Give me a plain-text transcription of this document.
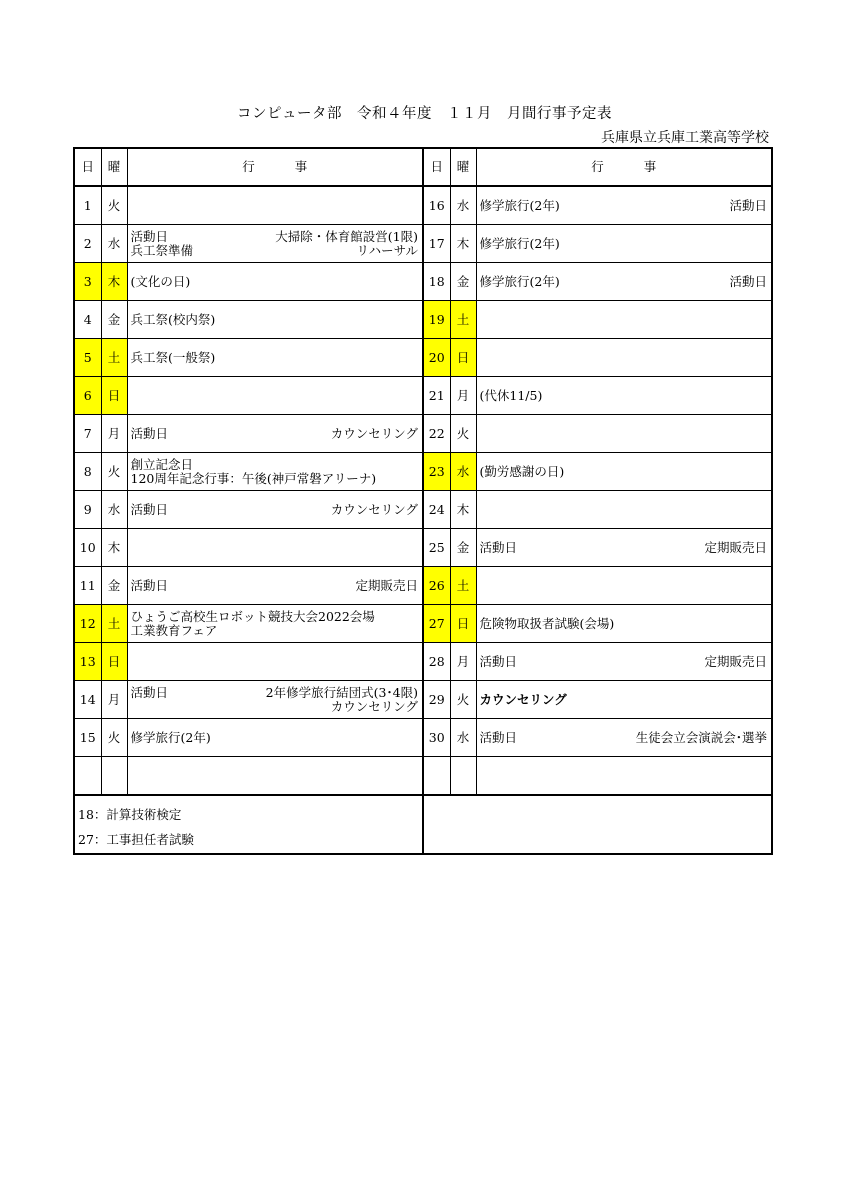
コンピュータ部　令和４年度　１１月　月間行事予定表
兵庫県立兵庫工業高等学校
日	曜	行 事	日	曜	行 事
1	火		16	水	修学旅行(2年) 活動日

2	水	活動日 大掃除・体育館設営(1限)
兵工祭準備 リハーサル	17	木	修学旅行(2年)

3	木	(文化の日)	18	金	修学旅行(2年) 活動日

4	金	兵工祭(校内祭)	19	土	
5	土	兵工祭(一般祭)	20	日	
6	日		21	月	(代休11/5)

7	月	活動日 カウンセリング	22	火	
8	火	創立記念日
120周年記念行事：午後(神戸常磐アリーナ)	23	水	(勤労感謝の日)

9	水	活動日 カウンセリング	24	木	
10	木		25	金	活動日 定期販売日

11	金	活動日 定期販売日	26	土	
12	土	ひょうご高校生ロボット競技大会2022会場
工業教育フェア	27	日	危険物取扱者試験(会場)

13	日		28	月	活動日 定期販売日

14	月	活動日 2年修学旅行結団式(3･4限)
カウンセリング	29	火	カウンセリング

15	火	修学旅行(2年)	30	水	活動日 生徒会立会演説会･選挙

18：計算技術検定
27：工事担任者試験					
